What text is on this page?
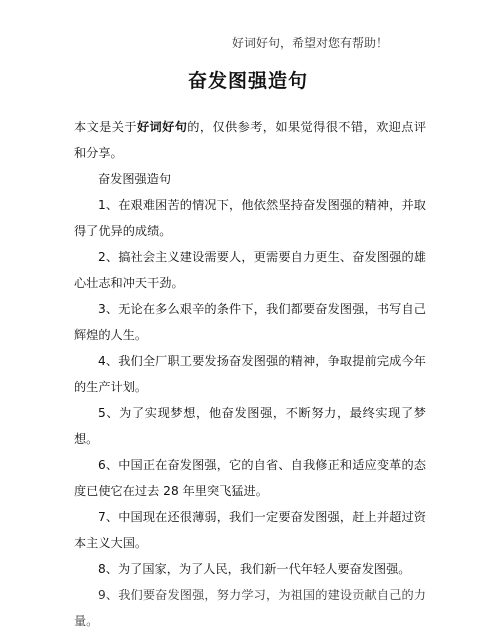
好词好句，希望对您有帮助！
奋发图强造句

本文是关于好词好句的，仅供参考，如果觉得很不错，欢迎点评和分享。

奋发图强造句

1、在艰难困苦的情况下，他依然坚持奋发图强的精神，并取得了优异的成绩。

2、搞社会主义建设需要人，更需要自力更生、奋发图强的雄心壮志和冲天干劲。

3、无论在多么艰辛的条件下，我们都要奋发图强，书写自己辉煌的人生。

4、我们全厂职工要发扬奋发图强的精神，争取提前完成今年的生产计划。

5、为了实现梦想，他奋发图强，不断努力，最终实现了梦想。

6、中国正在奋发图强，它的自省、自我修正和适应变革的态度已使它在过去 28 年里突飞猛进。

7、中国现在还很薄弱，我们一定要奋发图强，赶上并超过资本主义大国。

8、为了国家，为了人民，我们新一代年轻人要奋发图强。

9、我们要奋发图强，努力学习，为祖国的建设贡献自己的力量。
